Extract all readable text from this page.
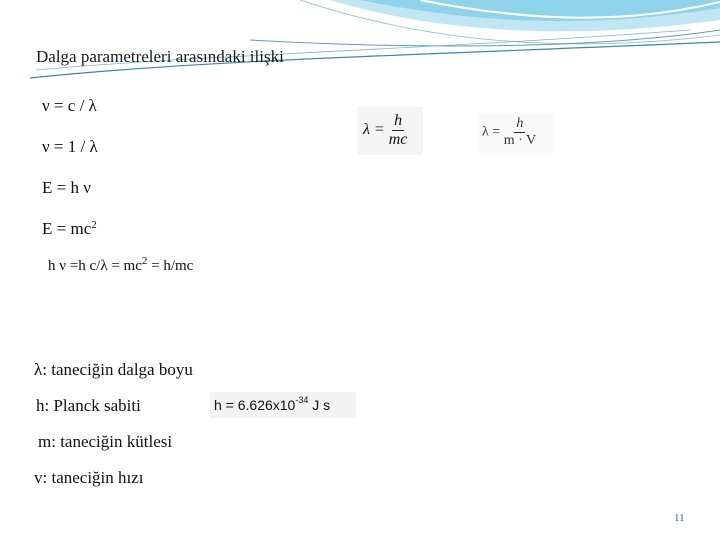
Dalga parametreleri arasındaki ilişki
ν = c / λ
ν = 1 / λ
E = h ν
$E = mc^2$
h ν =h $c/\lambda = mc^2 = h/mc$
$\lambda = \frac{h}{mc}$	$\lambda = \frac{h}{m \cdot V}$
λ: taneciğin dalga boyu
h: Planck sabiti
m: taneciğin kütlesi
v: taneciğin hızı
$h = 6.626x10^{-34}$ J s
11
